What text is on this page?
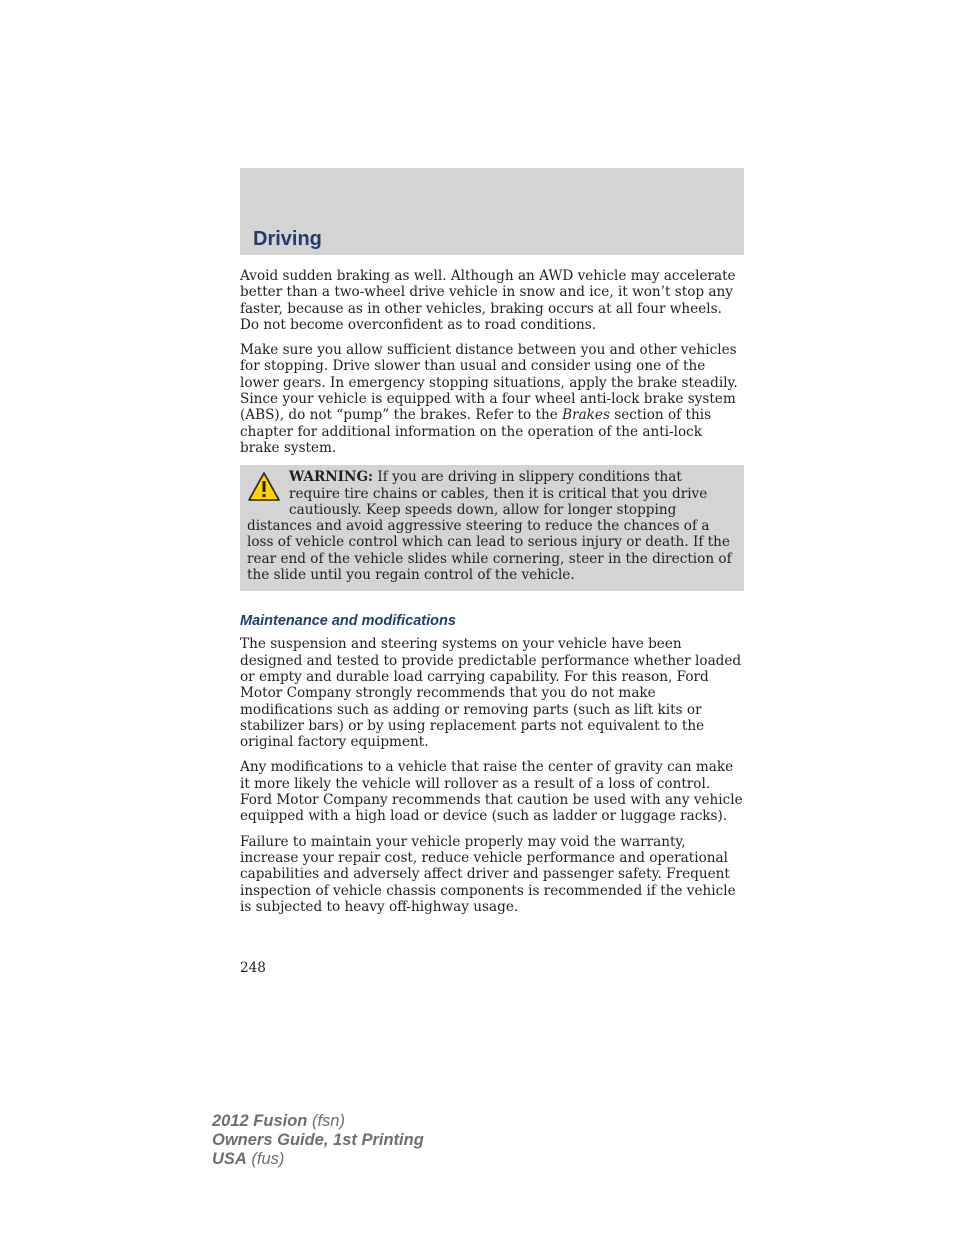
Driving

Avoid sudden braking as well. Although an AWD vehicle may accelerate better than a two-wheel drive vehicle in snow and ice, it won’t stop any faster, because as in other vehicles, braking occurs at all four wheels. Do not become overconfident as to road conditions.

Make sure you allow sufficient distance between you and other vehicles for stopping. Drive slower than usual and consider using one of the lower gears. In emergency stopping situations, apply the brake steadily. Since your vehicle is equipped with a four wheel anti-lock brake system (ABS), do not “pump” the brakes. Refer to the Brakes section of this chapter for additional information on the operation of the anti-lock brake system.

WARNING: If you are driving in slippery conditions that require tire chains or cables, then it is critical that you drive cautiously. Keep speeds down, allow for longer stopping distances and avoid aggressive steering to reduce the chances of a loss of vehicle control which can lead to serious injury or death. If the rear end of the vehicle slides while cornering, steer in the direction of the slide until you regain control of the vehicle.
Maintenance and modifications

The suspension and steering systems on your vehicle have been designed and tested to provide predictable performance whether loaded or empty and durable load carrying capability. For this reason, Ford Motor Company strongly recommends that you do not make modifications such as adding or removing parts (such as lift kits or stabilizer bars) or by using replacement parts not equivalent to the original factory equipment.

Any modifications to a vehicle that raise the center of gravity can make it more likely the vehicle will rollover as a result of a loss of control. Ford Motor Company recommends that caution be used with any vehicle equipped with a high load or device (such as ladder or luggage racks).

Failure to maintain your vehicle properly may void the warranty, increase your repair cost, reduce vehicle performance and operational capabilities and adversely affect driver and passenger safety. Frequent inspection of vehicle chassis components is recommended if the vehicle is subjected to heavy off-highway usage.

248
2012 Fusion (fsn)
Owners Guide, 1st Printing
USA (fus)
